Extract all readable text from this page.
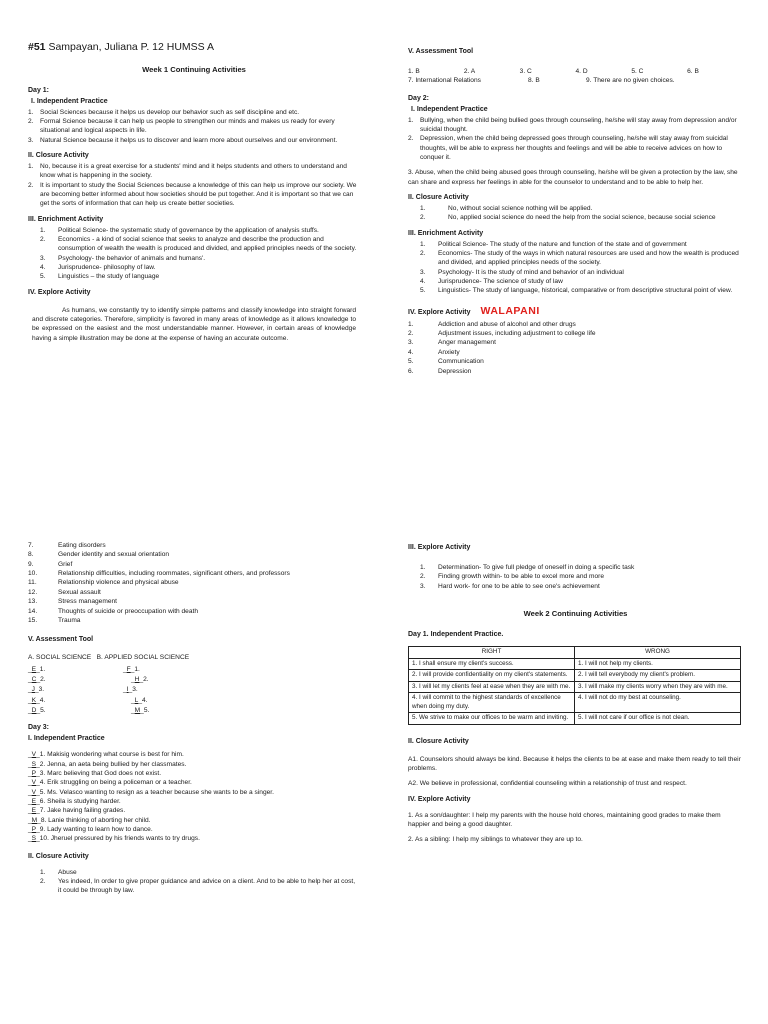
#51 Sampayan, Juliana P. 12 HUMSS A
Week 1 Continuing Activities
Day 1:
I. Independent Practice
1. Social Sciences because it helps us develop our behavior such as self discipline and etc.
2. Formal Science because it can help us people to strengthen our minds and makes us ready for every situational and logical aspects in life.
3. Natural Science because it helps us to discover and learn more about ourselves and our environment.
II. Closure Activity
1. No, because it is a great exercise for a students' mind and it helps students and others to understand and know what is happening in the society.
2. It is important to study the Social Sciences because a knowledge of this can help us improve our society. We are becoming better informed about how societies should be put together. And it is important so that we can get the sorts of information that can help us create better societies.
III. Enrichment Activity
1.	Political Science- the systematic study of governance by the application of analysis stuffs.
2.	Economics - a kind of social science that seeks to analyze and describe the production and consumption of wealth the wealth is produced and divided, and applied principles needs of the society.
3.	Psychology- the behavior of animals and humans'.
4.	Jurisprudence- philosophy of law.
5.	Linguistics – the study of language
IV. Explore Activity

As humans, we constantly try to identify simple patterns and classify knowledge into straight forward and discrete categories. Therefore, simplicity is favored in many areas of knowledge as it allows knowledge to be expressed on the easiest and the most understandable manner. However, in certain areas of knowledge having a simple illustration may be done at the expense of having an accurate outcome.

V. Assessment Tool
1. B	2. A	3. C	4. D	5. C	6. B
7. International Relations	8. B	9. There are no given choices.
Day 2:
I. Independent Practice
1. Bullying, when the child being bullied goes through counseling, he/she will stay away from depression and/or suicidal thought.
2. Depression, when the child being depressed goes through counseling, he/she will stay away from suicidal thoughts, will be able to express her thoughts and feelings and will be able to receive advices on how to conquer it.

3. Abuse, when the child being abused goes through counseling, he/she will be given a protection by the law, she can share and express her feelings in able for the counselor to understand and to be able to help her.

II. Closure Activity
1.	No, without social science nothing will be applied.
2.	No, applied social science do need the help from the social science, because social science
III. Enrichment Activity
1.	Political Science- The study of the nature and function of the state and of government
2.	Economics- The study of the ways in which natural resources are used and how the wealth is produced and divided, and applied principles needs of the society.
3.	Psychology- It is the study of mind and behavior of an individual
4.	Jurisprudence- The science of study of law
5.	Linguistics- The study of language, historical, comparative or from descriptive structural point of view.
IV. Explore Activity WALAPANI
1.	Addiction and abuse of alcohol and other drugs
2.	Adjustment issues, including adjustment to college life
3.	Anger management
4.	Anxiety
5.	Communication
6.	Depression
7.	Eating disorders
8.	Gender identity and sexual orientation
9.	Grief
10.	Relationship difficulties, including roommates, significant others, and professors
11.	Relationship violence and physical abuse
12.	Sexual assault
13.	Stress management
14.	Thoughts of suicide or preoccupation with death
15.	Trauma
V. Assessment Tool
A. SOCIAL SCIENCE   B. APPLIED SOCIAL SCIENCE
_E_1.	_F_1.
_C_2.	_H_2.
_J_3.	_I_3.
_K_4.	_L_4.
_D_5.	_M_5.
Day 3:
I. Independent Practice
_V_1. Makisig wondering what course is best for him.
_S_2. Jenna, an aeta being bullied by her classmates.
_P_3. Marc believing that God does not exist.
_V_4. Erik struggling on being a policeman or a teacher.
_V_5. Ms. Velasco wanting to resign as a teacher because she wants to be a singer.
_E_6. Sheila is studying harder.
_E_7. Jake having failing grades.
_M_8. Lanie thinking of aborting her child.
_P_9. Lady wanting to learn how to dance.
_S_10. Jheruel pressured by his friends wants to try drugs.
II. Closure Activity
1.	Abuse
2.	Yes indeed, In order to give proper guidance and advice on a client. And to be able to help her at cost, it could be through by law.
III. Explore Activity
1.	Determination- To give full pledge of oneself in doing a specific task
2.	Finding growth within- to be able to excel more and more
3.	Hard work- for one to be able to see one's achievement
Week 2 Continuing Activities
Day 1. Independent Practice.
RIGHT	WRONG
1. I shall ensure my client's success.	1. I will not help my clients.
2. I will provide confidentiality on my client's statements.	2. I will tell everybody my client's problem.
3. I will let my clients feel at ease when they are with me.	3. I will make my clients worry when they are with me.
4. I will commit to the highest standards of excellence when doing my duty.	4. I will not do my best at counseling.
5. We strive to make our offices to be warm and inviting.	5. I will not care if our office is not clean.
II. Closure Activity

A1. Counselors should always be kind. Because it helps the clients to be at ease and make them ready to tell their problems.

A2. We believe in professional, confidential counseling within a relationship of trust and respect.

IV. Explore Activity

1. As a son/daughter: I help my parents with the house hold chores, maintaining good grades to make them happier and being a good daughter.

2. As a sibling: I help my siblings to whatever they are up to.
